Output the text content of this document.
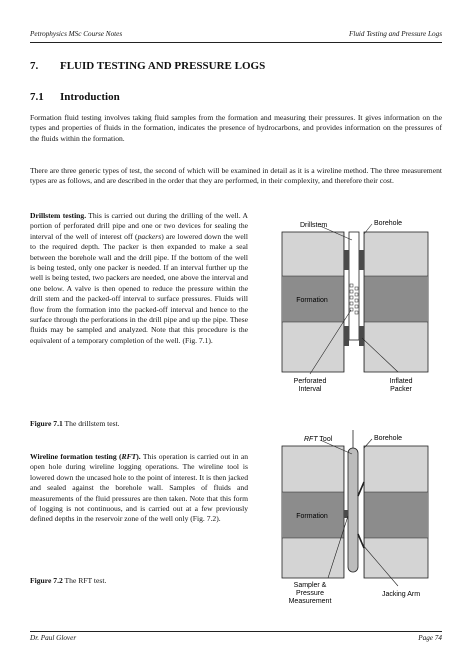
Petrophysics MSc Course Notes	Fluid Testing and Pressure Logs
7. FLUID TESTING AND PRESSURE LOGS
7.1 Introduction
Formation fluid testing involves taking fluid samples from the formation and measuring their pressures. It gives information on the types and properties of fluids in the formation, indicates the presence of hydrocarbons, and provides information on the pressures of the fluids within the formation.
There are three generic types of test, the second of which will be examined in detail as it is a wireline method. The three measurement types are as follows, and are described in the order that they are performed, in their complexity, and therefore their cost.
Drillstem testing. This is carried out during the drilling of the well. A portion of perforated drill pipe and one or two devices for sealing the interval of the well of interest off (packers) are lowered down the well to the required depth. The packer is then expanded to make a seal between the borehole wall and the drill pipe. If the bottom of the well is being tested, only one packer is needed. If an interval further up the well is being tested, two packers are needed, one above the interval and one below. A valve is then opened to reduce the pressure within the drill stem and the packed-off interval to surface pressures. Fluids will flow from the formation into the packed-off interval and hence to the surface through the perforations in the drill pipe and up the pipe. These fluids may be sampled and analyzed. Note that this procedure is the equivalent of a temporary completion of the well. (Fig. 7.1).
Figure 7.1 The drillstem test.
Wireline formation testing (RFT). This operation is carried out in an open hole during wireline logging operations. The wireline tool is lowered down the uncased hole to the point of interest. It is then jacked and sealed against the borehole wall. Samples of fluids and measurements of the fluid pressures are then taken. Note that this form of logging is not continuous, and is carried out at a few previously defined depths in the reservoir zone of the well only (Fig. 7.2).
Figure 7.2 The RFT test.
Drillstem	Borehole
Formation
Perforated
Interval
Inflated
Packer
RFT Tool	Borehole
Formation
Sampler &
Pressure
Measurement
Jacking Arm
Dr. Paul Glover	Page 74
